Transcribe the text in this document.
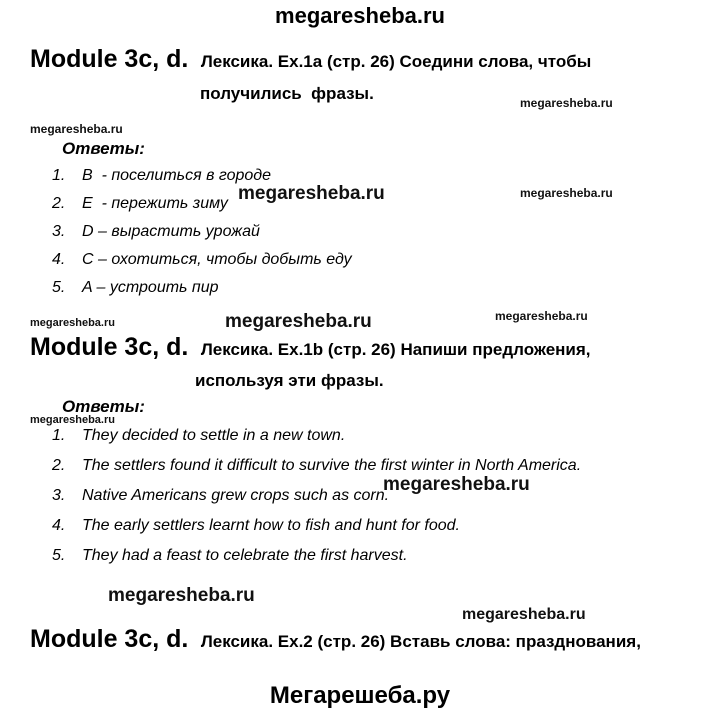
megaresheba.ru
Module 3c, d. Лексика. Ex.1a (стр. 26) Соедини слова, чтобы
получились  фразы.
Ответы:
1.	B  - поселиться в городе
2.	E  - пережить зиму
3.	D – вырастить урожай
4.	C – охотиться, чтобы добыть еду
5.	A – устроить пир
Module 3c, d. Лексика. Ex.1b (стр. 26) Напиши предложения,
используя эти фразы.
Ответы:
1.	They decided to settle in a new town.
2.	The settlers found it difficult to survive the first winter in North America.
3.	Native Americans grew crops such as corn.
4.	The early settlers learnt how to fish and hunt for food.
5.	They had a feast to celebrate the first harvest.
Module 3c, d. Лексика. Ex.2 (стр. 26) Вставь слова: празднования,
megaresheba.ru
megaresheba.ru
megaresheba.ru	megaresheba.ru
megaresheba.ru	megaresheba.ru	megaresheba.ru
megaresheba.ru
megaresheba.ru
megaresheba.ru
megaresheba.ru
Мегарешеба.ру
